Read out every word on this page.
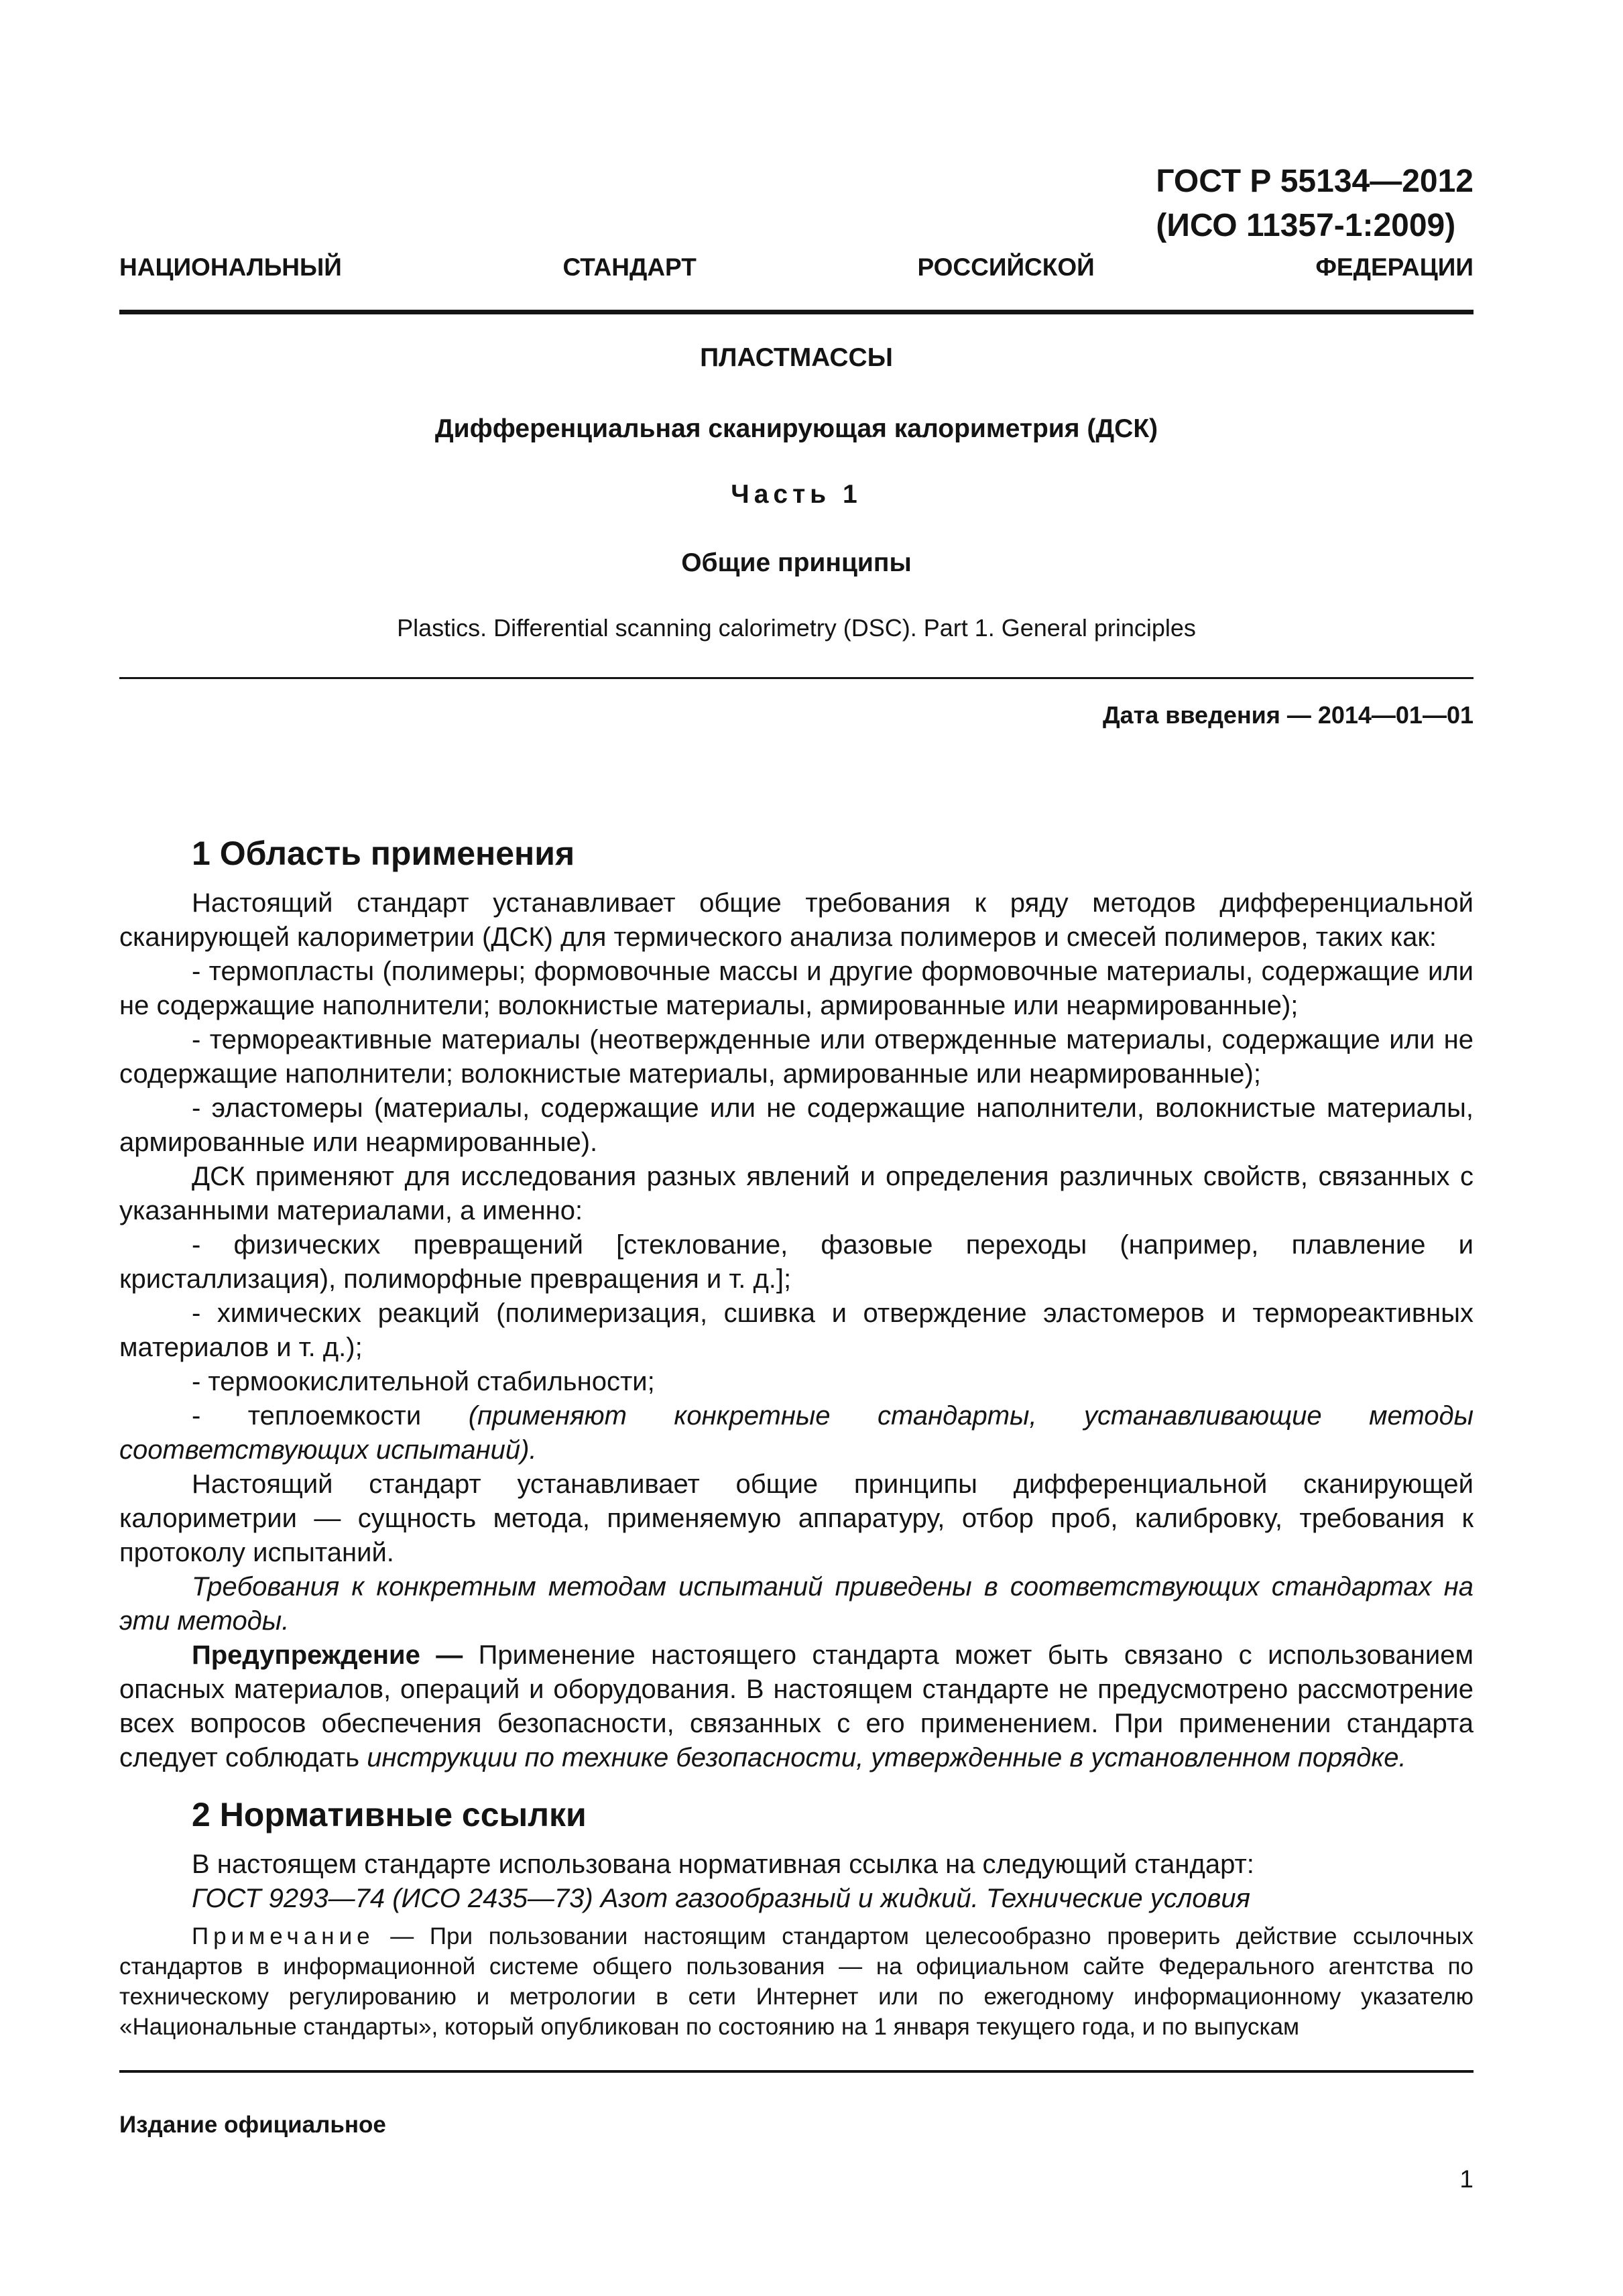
ГОСТ Р 55134—2012
(ИСО 11357-1:2009)
НАЦИОНАЛЬНЫЙ СТАНДАРТ РОССИЙСКОЙ ФЕДЕРАЦИИ
ПЛАСТМАССЫ
Дифференциальная сканирующая калориметрия (ДСК)
Часть 1
Общие принципы
Plastics. Differential scanning calorimetry (DSC). Part 1. General principles
Дата введения — 2014—01—01
1 Область применения

Настоящий стандарт устанавливает общие требования к ряду методов дифференциальной сканирующей калориметрии (ДСК) для термического анализа полимеров и смесей полимеров, таких как:

- термопласты (полимеры; формовочные массы и другие формовочные материалы, содержащие или не содержащие наполнители; волокнистые материалы, армированные или неармированные);

- термореактивные материалы (неотвержденные или отвержденные материалы, содержащие или не содержащие наполнители; волокнистые материалы, армированные или неармированные);

- эластомеры (материалы, содержащие или не содержащие наполнители, волокнистые материалы, армированные или неармированные).

ДСК применяют для исследования разных явлений и определения различных свойств, связанных с указанными материалами, а именно:

- физических превращений [стеклование, фазовые переходы (например, плавление и кристаллизация), полиморфные превращения и т. д.];

- химических реакций (полимеризация, сшивка и отверждение эластомеров и термореактивных материалов и т. д.);

- термоокислительной стабильности;

- теплоемкости (применяют конкретные стандарты, устанавливающие методы соответствующих испытаний).

Настоящий стандарт устанавливает общие принципы дифференциальной сканирующей калориметрии — сущность метода, применяемую аппаратуру, отбор проб, калибровку, требования к протоколу испытаний.

Требования к конкретным методам испытаний приведены в соответствующих стандартах на эти методы.

Предупреждение — Применение настоящего стандарта может быть связано с использованием опасных материалов, операций и оборудования. В настоящем стандарте не предусмотрено рассмотрение всех вопросов обеспечения безопасности, связанных с его применением. При применении стандарта следует соблюдать инструкции по технике безопасности, утвержденные в установленном порядке.

2 Нормативные ссылки

В настоящем стандарте использована нормативная ссылка на следующий стандарт:

ГОСТ 9293—74 (ИСО 2435—73) Азот газообразный и жидкий. Технические условия

Примечание — При пользовании настоящим стандартом целесообразно проверить действие ссылочных стандартов в информационной системе общего пользования — на официальном сайте Федерального агентства по техническому регулированию и метрологии в сети Интернет или по ежегодному информационному указателю «Национальные стандарты», который опубликован по состоянию на 1 января текущего года, и по выпускам

Издание официальное
1
